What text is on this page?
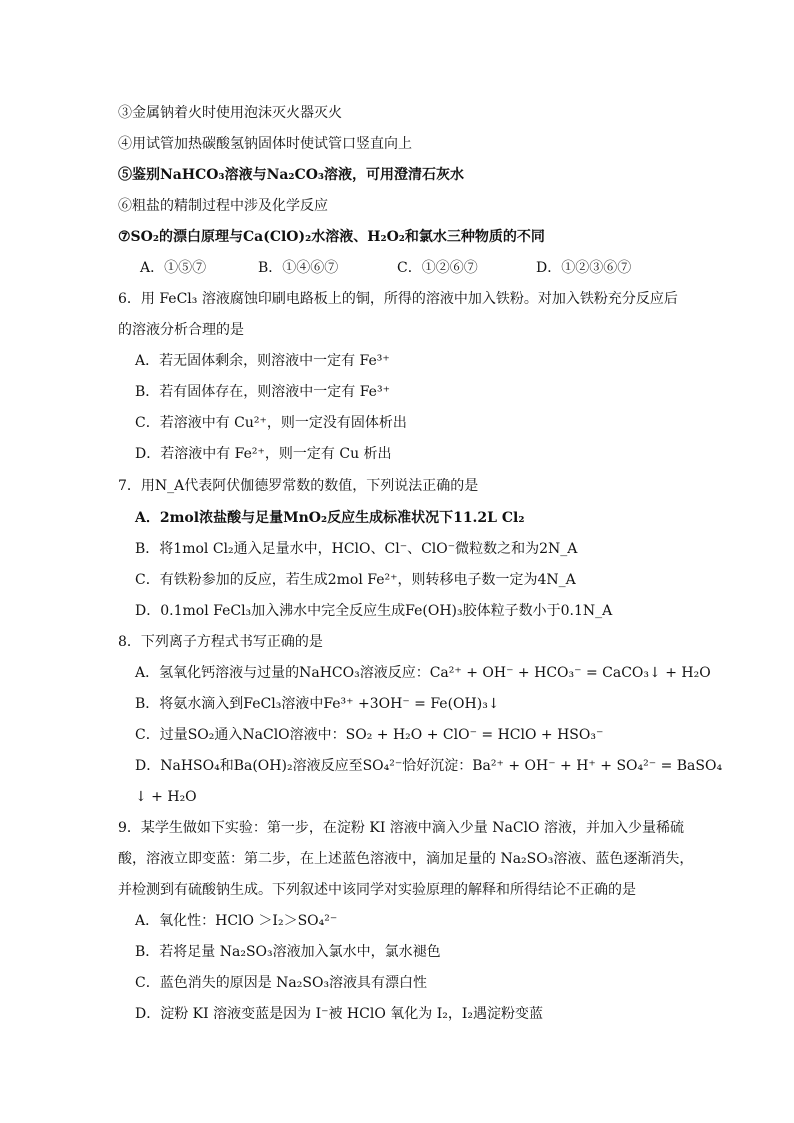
③金属钠着火时使用泡沫灭火器灭火
④用试管加热碳酸氢钠固体时使试管口竖直向上
⑤鉴别NaHCO₃溶液与Na₂CO₃溶液，可用澄清石灰水
⑥粗盐的精制过程中涉及化学反应
⑦SO₂的漂白原理与Ca(ClO)₂水溶液、H₂O₂和氯水三种物质的不同
A．①⑤⑦	B．①④⑥⑦	C．①②⑥⑦	D．①②③⑥⑦
6．用 FeCl₃ 溶液腐蚀印刷电路板上的铜，所得的溶液中加入铁粉。对加入铁粉充分反应后
的溶液分析合理的是
A．若无固体剩余，则溶液中一定有 Fe³⁺
B．若有固体存在，则溶液中一定有 Fe³⁺
C．若溶液中有 Cu²⁺，则一定没有固体析出
D．若溶液中有 Fe²⁺，则一定有 Cu 析出
7．用N_A代表阿伏伽德罗常数的数值，下列说法正确的是
A．2mol浓盐酸与足量MnO₂反应生成标准状况下11.2L Cl₂
B．将1mol Cl₂通入足量水中，HClO、Cl⁻、ClO⁻微粒数之和为2N_A
C．有铁粉参加的反应，若生成2mol Fe²⁺，则转移电子数一定为4N_A
D．0.1mol FeCl₃加入沸水中完全反应生成Fe(OH)₃胶体粒子数小于0.1N_A
8．下列离子方程式书写正确的是
A．氢氧化钙溶液与过量的NaHCO₃溶液反应：Ca²⁺ + OH⁻ + HCO₃⁻ = CaCO₃↓ + H₂O
B．将氨水滴入到FeCl₃溶液中Fe³⁺ +3OH⁻ = Fe(OH)₃↓
C．过量SO₂通入NaClO溶液中：SO₂ + H₂O + ClO⁻ = HClO + HSO₃⁻
D．NaHSO₄和Ba(OH)₂溶液反应至SO₄²⁻恰好沉淀：Ba²⁺ + OH⁻ + H⁺ + SO₄²⁻ = BaSO₄
↓ + H₂O
9．某学生做如下实验：第一步，在淀粉 KI 溶液中滴入少量 NaClO 溶液，并加入少量稀硫
酸，溶液立即变蓝：第二步，在上述蓝色溶液中，滴加足量的 Na₂SO₃溶液、蓝色逐渐消失，
并检测到有硫酸钠生成。下列叙述中该同学对实验原理的解释和所得结论不正确的是
A．氧化性：HClO ＞I₂＞SO₄²⁻
B．若将足量 Na₂SO₃溶液加入氯水中，氯水褪色
C．蓝色消失的原因是 Na₂SO₃溶液具有漂白性
D．淀粉 KI 溶液变蓝是因为 I⁻被 HClO 氧化为 I₂，I₂遇淀粉变蓝
